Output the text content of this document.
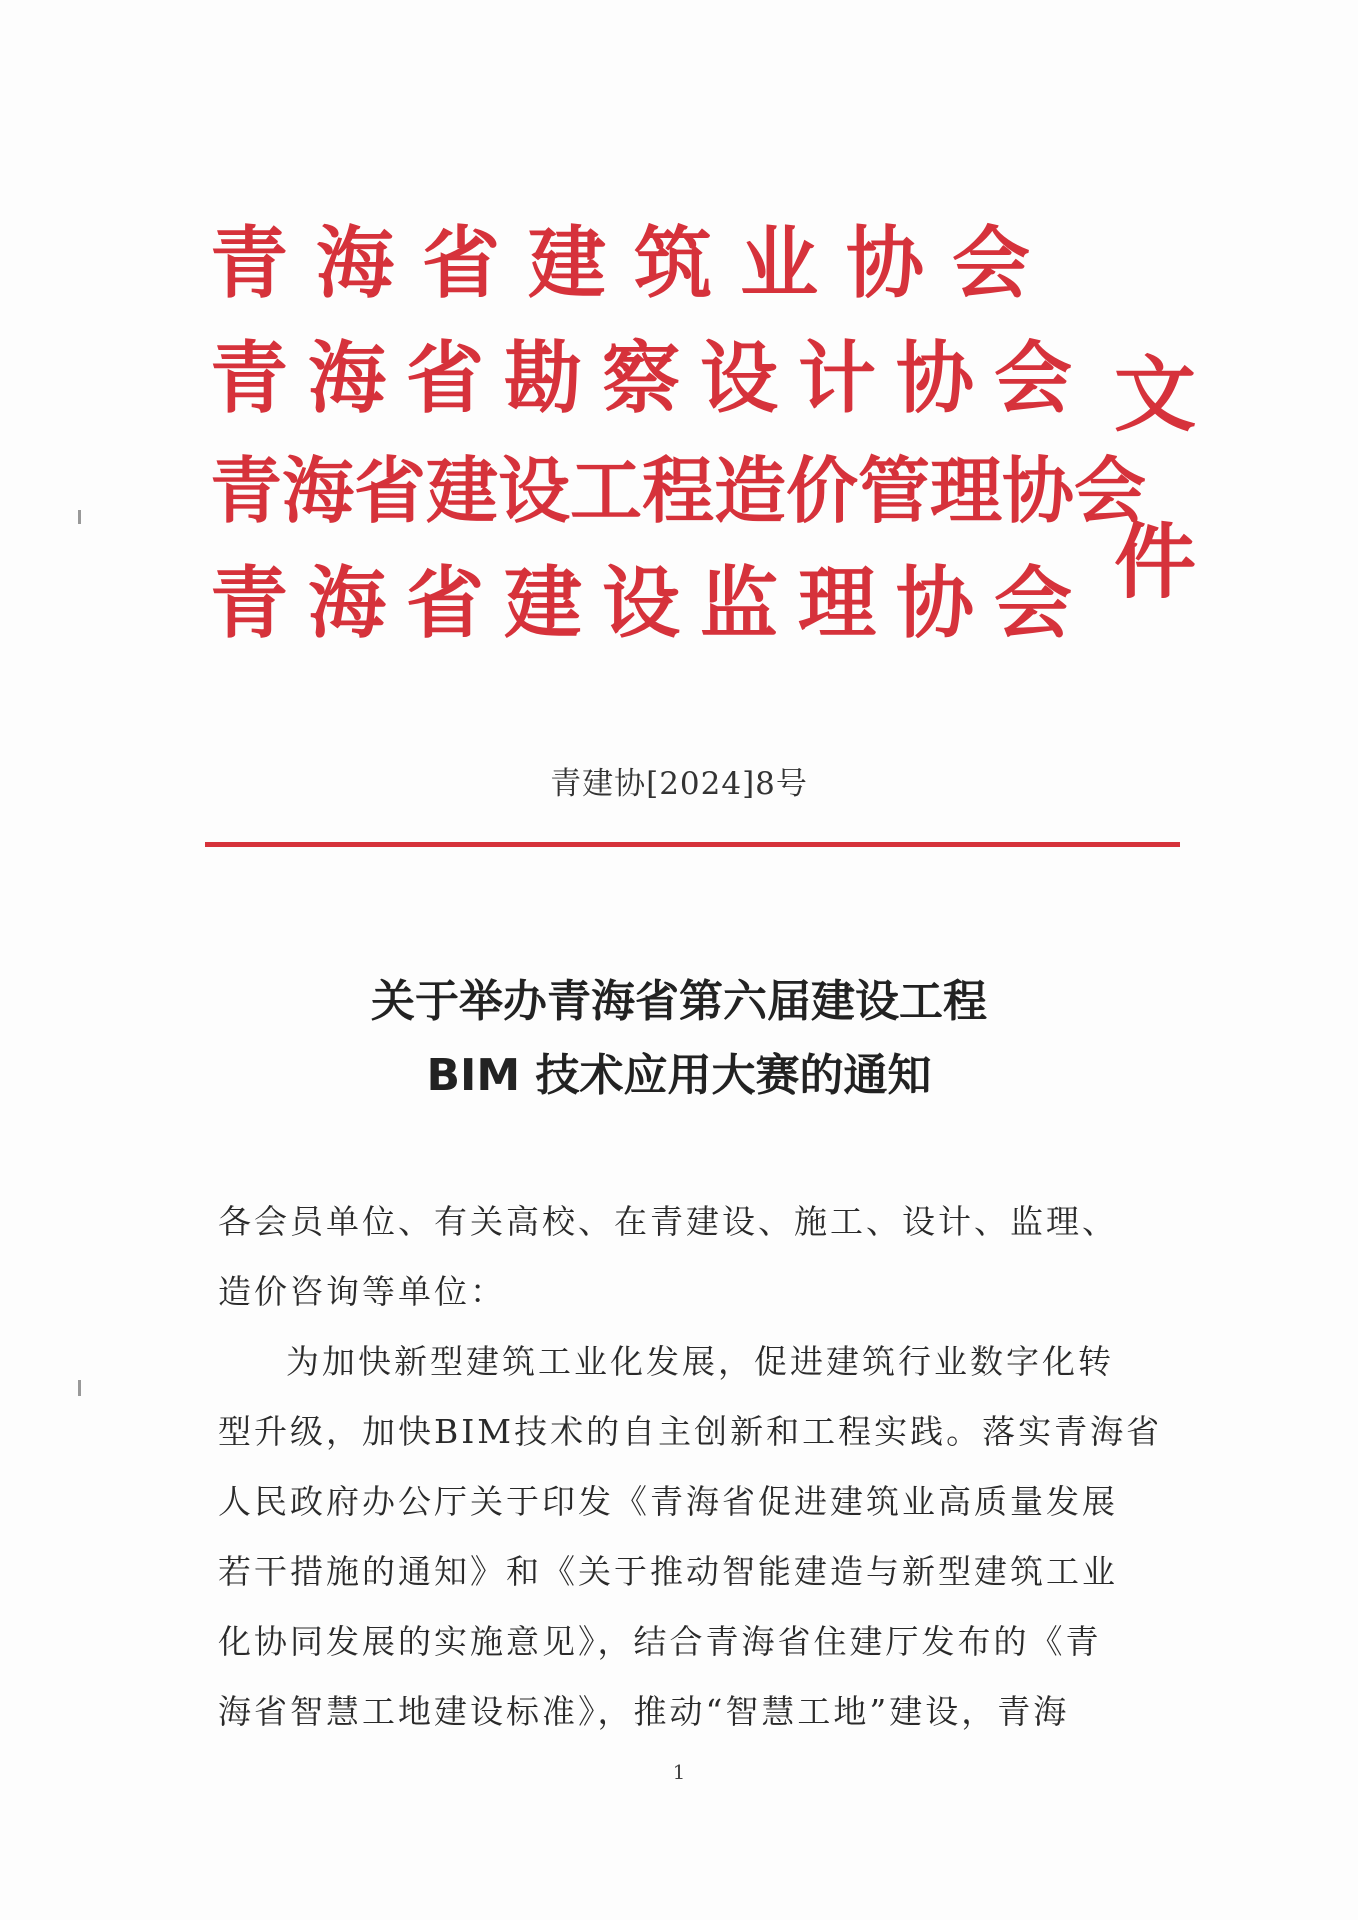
青海省建筑业协会
青海省勘察设计协会
青海省建设工程造价管理协会
青海省建设监理协会
文
件
青建协[2024]8号
关于举办青海省第六届建设工程
BIM 技术应用大赛的通知

各会员单位、有关高校、在青建设、施工、设计、监理、

造价咨询等单位：

为加快新型建筑工业化发展，促进建筑行业数字化转

型升级，加快BIM技术的自主创新和工程实践。落实青海省

人民政府办公厅关于印发《青海省促进建筑业高质量发展

若干措施的通知》和《关于推动智能建造与新型建筑工业

化协同发展的实施意见》，结合青海省住建厅发布的《青

海省智慧工地建设标准》，推动“智慧工地”建设，青海

1
